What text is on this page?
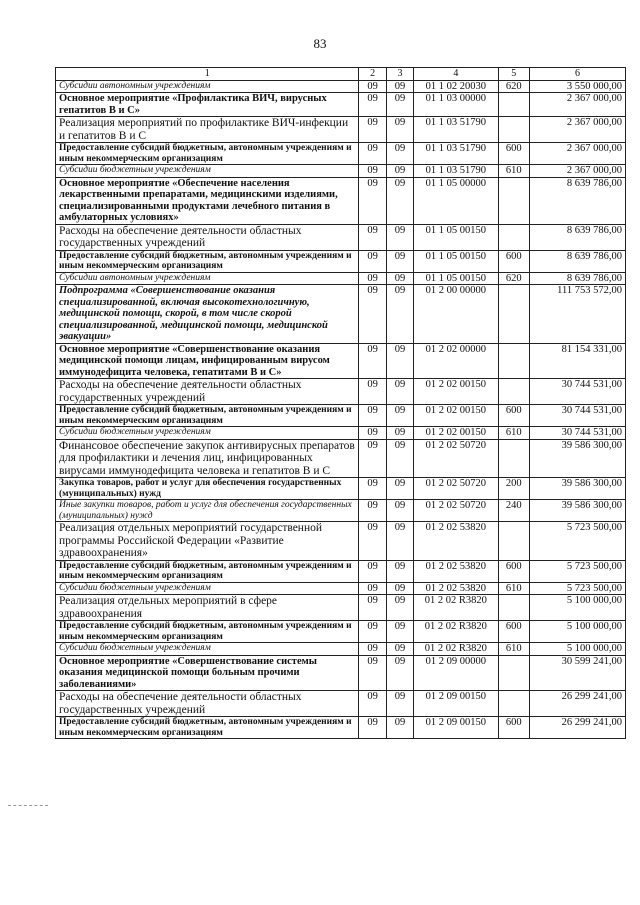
83
1	2	3	4	5	6
Субсидии автономным учреждениям	09	09	01 1 02 20030	620	3 550 000,00
Основное мероприятие «Профилактика ВИЧ, вирусных гепатитов В и С»	09	09	01 1 03 00000		2 367 000,00
Реализация мероприятий по профилактике ВИЧ-инфекции и гепатитов В и С	09	09	01 1 03 51790		2 367 000,00
Предоставление субсидий бюджетным, автономным учреждениям и иным некоммерческим организациям	09	09	01 1 03 51790	600	2 367 000,00
Субсидии бюджетным учреждениям	09	09	01 1 03 51790	610	2 367 000,00
Основное мероприятие «Обеспечение населения лекарственными препаратами, медицинскими изделиями, специализированными продуктами лечебного питания в амбулаторных условиях»	09	09	01 1 05 00000		8 639 786,00
Расходы на обеспечение деятельности областных государственных учреждений	09	09	01 1 05 00150		8 639 786,00
Предоставление субсидий бюджетным, автономным учреждениям и иным некоммерческим организациям	09	09	01 1 05 00150	600	8 639 786,00
Субсидии автономным учреждениям	09	09	01 1 05 00150	620	8 639 786,00
Подпрограмма «Совершенствование оказания специализированной, включая высокотехнологичную, медицинской помощи, скорой, в том числе скорой специализированной, медицинской помощи, медицинской эвакуации»	09	09	01 2 00 00000		111 753 572,00
Основное мероприятие «Совершенствование оказания медицинской помощи лицам, инфицированным вирусом иммунодефицита человека, гепатитами В и С»	09	09	01 2 02 00000		81 154 331,00
Расходы на обеспечение деятельности областных государственных учреждений	09	09	01 2 02 00150		30 744 531,00
Предоставление субсидий бюджетным, автономным учреждениям и иным некоммерческим организациям	09	09	01 2 02 00150	600	30 744 531,00
Субсидии бюджетным учреждениям	09	09	01 2 02 00150	610	30 744 531,00
Финансовое обеспечение закупок антивирусных препаратов для профилактики и лечения лиц, инфицированных вирусами иммунодефицита человека и гепатитов В и С	09	09	01 2 02 50720		39 586 300,00
Закупка товаров, работ и услуг для обеспечения государственных (муниципальных) нужд	09	09	01 2 02 50720	200	39 586 300,00
Иные закупки товаров, работ и услуг для обеспечения государственных (муниципальных) нужд	09	09	01 2 02 50720	240	39 586 300,00
Реализация отдельных мероприятий государственной программы Российской Федерации «Развитие здравоохранения»	09	09	01 2 02 53820		5 723 500,00
Предоставление субсидий бюджетным, автономным учреждениям и иным некоммерческим организациям	09	09	01 2 02 53820	600	5 723 500,00
Субсидии бюджетным учреждениям	09	09	01 2 02 53820	610	5 723 500,00
Реализация отдельных мероприятий в сфере здравоохранения	09	09	01 2 02 R3820		5 100 000,00
Предоставление субсидий бюджетным, автономным учреждениям и иным некоммерческим организациям	09	09	01 2 02 R3820	600	5 100 000,00
Субсидии бюджетным учреждениям	09	09	01 2 02 R3820	610	5 100 000,00
Основное мероприятие «Совершенствование системы оказания медицинской помощи больным прочими заболеваниями»	09	09	01 2 09 00000		30 599 241,00
Расходы на обеспечение деятельности областных государственных учреждений	09	09	01 2 09 00150		26 299 241,00
Предоставление субсидий бюджетным, автономным учреждениям и иным некоммерческим организациям	09	09	01 2 09 00150	600	26 299 241,00
